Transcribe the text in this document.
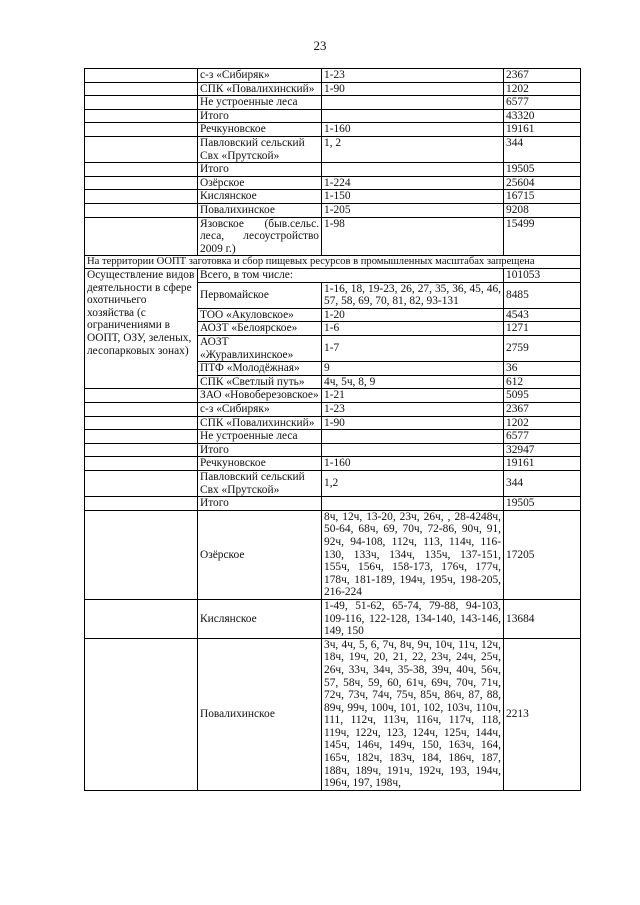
23
	с-з «Сибиряк»	1-23	2367
	СПК «Повалихинский»	1-90	1202
	Не устроенные леса		6577
	Итого		43320
	Речкуновское	1-160	19161
	Павловский сельский Свх «Прутской»	1, 2	344
	Итого		19505
	Озёрское	1-224	25604
	Кислянское	1-150	16715
	Повалихинское	1-205	9208
	Язовское (быв.сельс. леса, лесоустройство 2009 г.)	1-98	15499
На территории ООПТ заготовка и сбор пищевых ресурсов в промышленных масштабах запрещена			
Осуществление видов деятельности в сфере охотничьего хозяйства (с ограничениями в ООПТ, ОЗУ, зеленых, лесопарковых зонах)	Всего, в том числе:		101053
	Первомайское	1-16, 18, 19-23, 26, 27, 35, 36, 45, 46, 57, 58, 69, 70, 81, 82, 93-131	8485
	ТОО «Акуловское»	1-20	4543
	АОЗТ «Белоярское»	1-6	1271
	АОЗТ «Журавлихинское»	1-7	2759
	ПТФ «Молодёжная»	9	36
	СПК «Светлый путь»	4ч, 5ч, 8, 9	612
	ЗАО «Новоберезовское»	1-21	5095
	с-з «Сибиряк»	1-23	2367
	СПК «Повалихинский»	1-90	1202
	Не устроенные леса		6577
	Итого		32947
	Речкуновское	1-160	19161
	Павловский сельский Свх «Прутской»	1,2	344
	Итого		19505
	Озёрское	8ч, 12ч, 13-20, 23ч, 26ч, , 28-4248ч, 50-64, 68ч, 69, 70ч, 72-86, 90ч, 91, 92ч, 94-108, 112ч, 113, 114ч, 116-130, 133ч, 134ч, 135ч, 137-151, 155ч, 156ч, 158-173, 176ч, 177ч, 178ч, 181-189, 194ч, 195ч, 198-205, 216-224	17205
	Кислянское	1-49, 51-62, 65-74, 79-88, 94-103, 109-116, 122-128, 134-140, 143-146, 149, 150	13684
	Повалихинское	3ч, 4ч, 5, 6, 7ч, 8ч, 9ч, 10ч, 11ч, 12ч, 18ч, 19ч, 20, 21, 22, 23ч, 24ч, 25ч, 26ч, 33ч, 34ч, 35-38, 39ч, 40ч, 56ч, 57, 58ч, 59, 60, 61ч, 69ч, 70ч, 71ч, 72ч, 73ч, 74ч, 75ч, 85ч, 86ч, 87, 88, 89ч, 99ч, 100ч, 101, 102, 103ч, 110ч, 111, 112ч, 113ч, 116ч, 117ч, 118, 119ч, 122ч, 123, 124ч, 125ч, 144ч, 145ч, 146ч, 149ч, 150, 163ч, 164, 165ч, 182ч, 183ч, 184, 186ч, 187, 188ч, 189ч, 191ч, 192ч, 193, 194ч, 196ч, 197, 198ч,	2213
